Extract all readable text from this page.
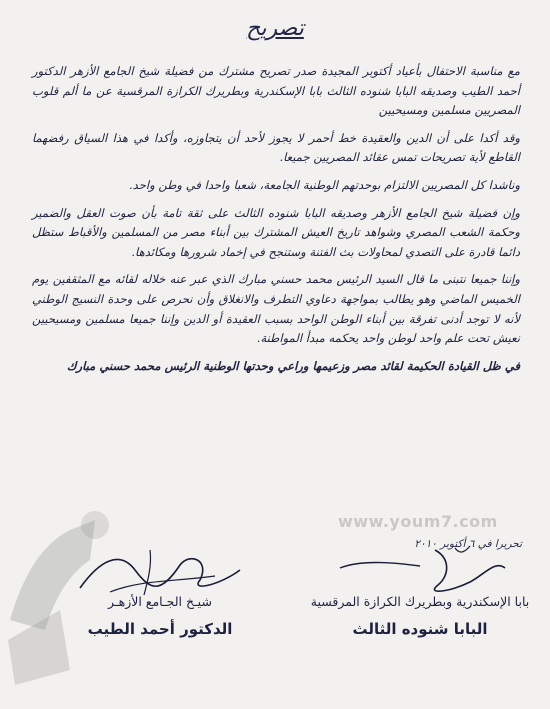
تصريح

مع مناسبة الاحتفال بأعياد أكتوبر المجيدة صدر تصريح مشترك من فضيلة شيخ الجامع الأزهر الدكتور أحمد الطيب وصديقه البابا شنوده الثالث بابا الإسكندرية وبطريرك الكرازة المرقسية عن ما ألم قلوب المصريين مسلمين ومسيحيين

وقد أكدا على أن الدين والعقيدة خط أحمر لا يجوز لأحد أن يتجاوزه، وأكدا في هذا السياق رفضهما القاطع لأية تصريحات تمس عقائد المصريين جميعا.

وناشدا كل المصريين الالتزام بوحدتهم الوطنية الجامعة، شعبا واحدا في وطن واحد.

وإن فضيلة شيخ الجامع الأزهر وصديقه البابا شنوده الثالث على ثقة تامة بأن صوت العقل والضمير وحكمة الشعب المصري وشواهد تاريخ العيش المشترك بين أبناء مصر من المسلمين والأقباط ستظل دائما قادرة على التصدي لمحاولات بث الفتنة وستنجح في إخماد شرورها ومكائدها.

وإننا جميعا نتبنى ما قال السيد الرئيس محمد حسني مبارك الذي عبر عنه خلاله لقائه مع المثقفين يوم الخميس الماضي وهو يطالب بمواجهة دعاوي التطرف والانغلاق وأن نحرص على وحدة النسيج الوطني لأنه لا توجد أدنى تفرقة بين أبناء الوطن الواحد بسبب العقيدة أو الدين وإننا جميعا مسلمين ومسيحيين نعيش تحت علم واحد لوطن واحد يحكمه مبدأ المواطنة.

في ظل القيادة الحكيمة لقائد مصر وزعيمها وراعي وحدتها الوطنية الرئيس محمد حسني مبارك

تحريرا في ٦ أكتوبر ٢٠١٠
www.youm7.com
شيـخ الجـامع الأزهـر
الدكتور أحمد الطيب
بابا الإسكندرية وبطريرك الكرازة المرقسية
البابا شنوده الثالث
